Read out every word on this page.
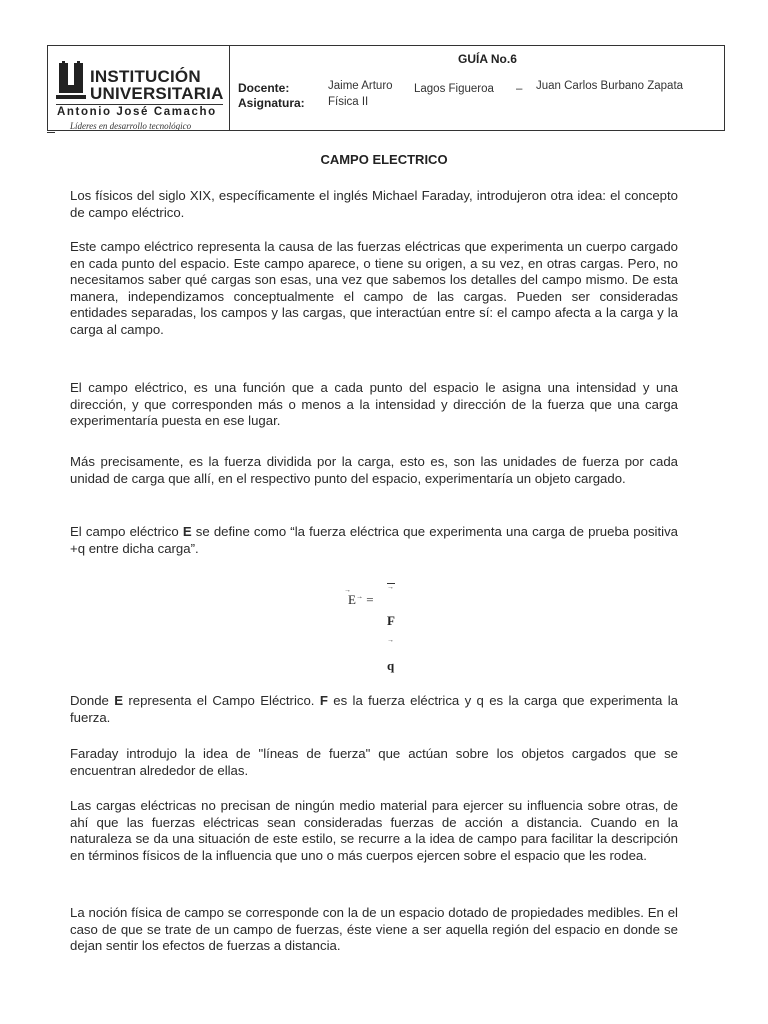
INSTITUCIÓN
UNIVERSITARIA
Antonio José Camacho
Líderes en desarrollo tecnológico
GUÍA No.6
Docente:	Jaime Arturo Lagos Figueroa – Juan Carlos Burbano Zapata
Asignatura: Física II
CAMPO ELECTRICO

Los físicos del siglo XIX, específicamente el inglés Michael Faraday, introdujeron otra idea: el concepto de campo eléctrico.

Este campo eléctrico representa la causa de las fuerzas eléctricas que experimenta un cuerpo cargado en cada punto del espacio. Este campo aparece, o tiene su origen, a su vez, en otras cargas. Pero, no necesitamos saber qué cargas son esas, una vez que sabemos los detalles del campo mismo. De esta manera, independizamos conceptualmente el campo de las cargas. Pueden ser consideradas entidades separadas, los campos y las cargas, que interactúan entre sí: el campo afecta a la carga y la carga al campo.

El campo eléctrico, es una función que a cada punto del espacio le asigna una intensidad y una dirección, y que corresponden más o menos a la intensidad y dirección de la fuerza que una carga experimentaría puesta en ese lugar.

Más precisamente, es la fuerza dividida por la carga, esto es, son las unidades de fuerza por cada unidad de carga que allí, en el respectivo punto del espacio, experimentaría un objeto cargado.

El campo eléctrico E se define como “la fuerza eléctrica que experimenta una carga de prueba positiva +q entre dicha carga”.

→
E→ =
→
F
→
q

Donde E representa el Campo Eléctrico. F es la fuerza eléctrica y q es la carga que experimenta la fuerza.

Faraday introdujo la idea de "líneas de fuerza" que actúan sobre los objetos cargados que se encuentran alrededor de ellas.

Las cargas eléctricas no precisan de ningún medio material para ejercer su influencia sobre otras, de ahí que las fuerzas eléctricas sean consideradas fuerzas de acción a distancia. Cuando en la naturaleza se da una situación de este estilo, se recurre a la idea de campo para facilitar la descripción en términos físicos de la influencia que uno o más cuerpos ejercen sobre el espacio que les rodea.

La noción física de campo se corresponde con la de un espacio dotado de propiedades medibles. En el caso de que se trate de un campo de fuerzas, éste viene a ser aquella región del espacio en donde se dejan sentir los efectos de fuerzas a distancia.
